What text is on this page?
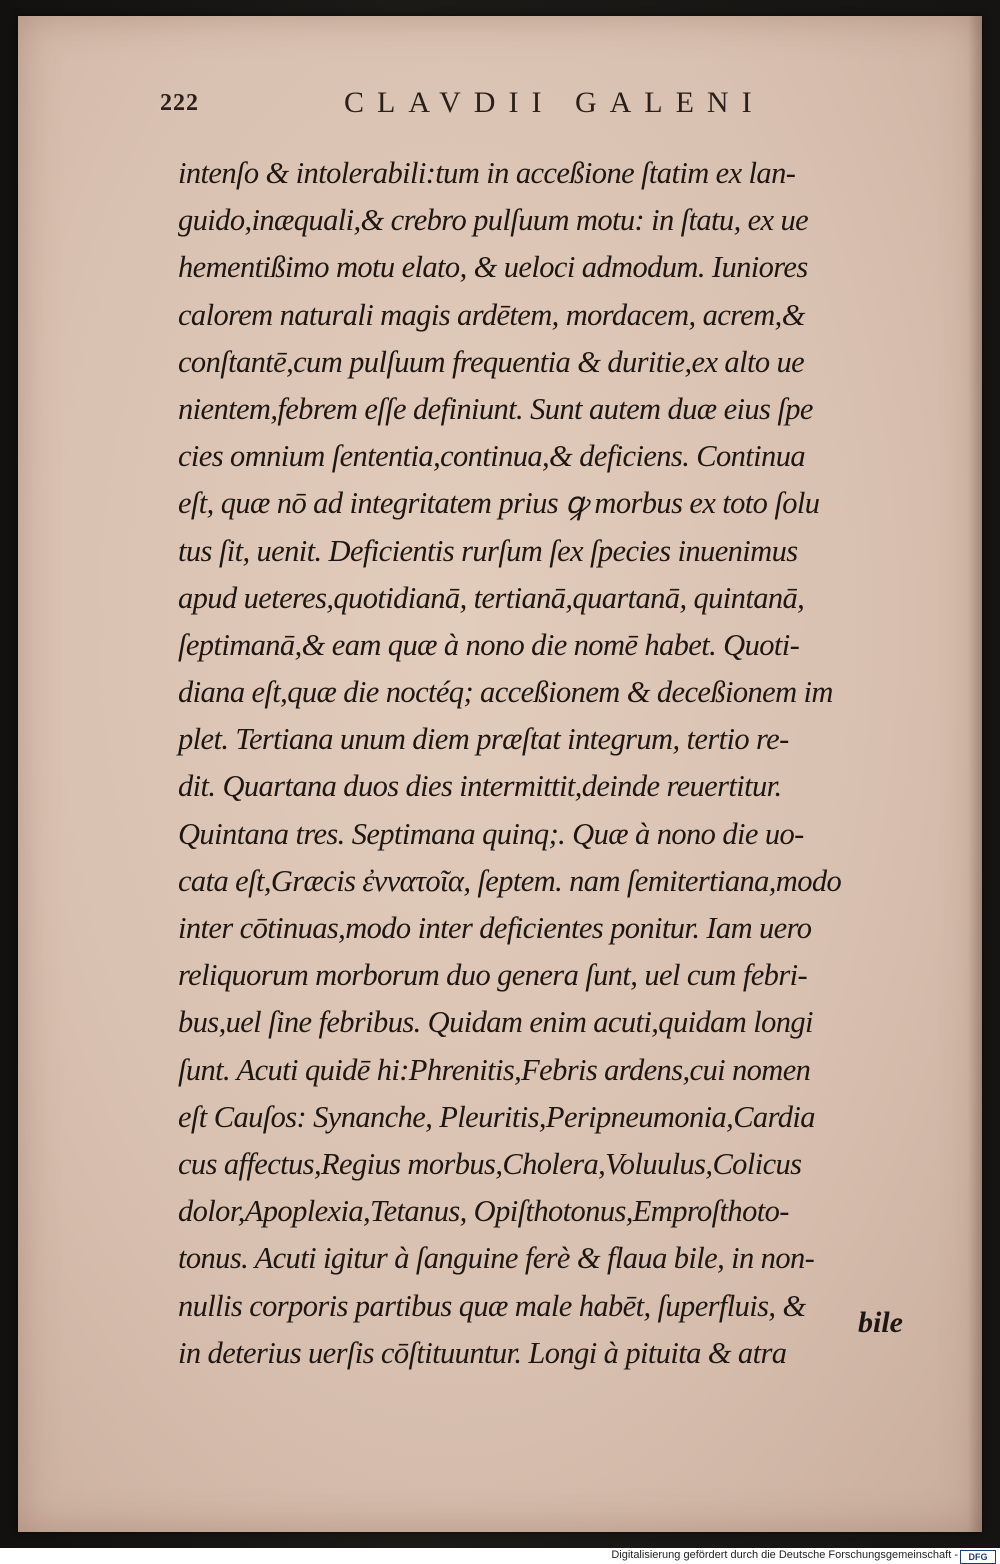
222	CLAVDII GALENI
intenſo & intolerabili:tum in acceßione ſtatim ex lan-
guido,inæquali,& crebro pulſuum motu: in ſtatu, ex ue
hementißimo motu elato, & ueloci admodum. Iuniores
calorem naturali magis ardētem, mordacem, acrem,&
conſtantē,cum pulſuum frequentia & duritie,ex alto ue
nientem,febrem eſſe definiunt. Sunt autem duæ eius ſpe
cies omnium ſententia,continua,& deficiens. Continua
eſt, quæ nō ad integritatem prius ꝙ morbus ex toto ſolu
tus ſit, uenit. Deficientis rurſum ſex ſpecies inuenimus
apud ueteres,quotidianā, tertianā,quartanā, quintanā,
ſeptimanā,& eam quæ à nono die nomē habet. Quoti-
diana eſt,quæ die noctéq; acceßionem & deceßionem im
plet. Tertiana unum diem præſtat integrum, tertio re-
dit. Quartana duos dies intermittit,deinde reuertitur.
Quintana tres. Septimana quinq;. Quæ à nono die uo-
cata eſt,Græcis ἐννατοῖα, ſeptem. nam ſemitertiana,modo
inter cōtinuas,modo inter deficientes ponitur. Iam uero
reliquorum morborum duo genera ſunt, uel cum febri-
bus,uel ſine febribus. Quidam enim acuti,quidam longi
ſunt. Acuti quidē hi:Phrenitis,Febris ardens,cui nomen
eſt Cauſos: Synanche, Pleuritis,Peripneumonia,Cardia
cus affectus,Regius morbus,Cholera,Voluulus,Colicus
dolor,Apoplexia,Tetanus, Opiſthotonus,Emproſthoto-
tonus. Acuti igitur à ſanguine ferè & flaua bile, in non-
nullis corporis partibus quæ male habēt, ſuperfluis, &
in deterius uerſis cōſtituuntur. Longi à pituita & atra
bile
Digitalisierung gefördert durch die Deutsche Forschungsgemeinschaft -	DFG
